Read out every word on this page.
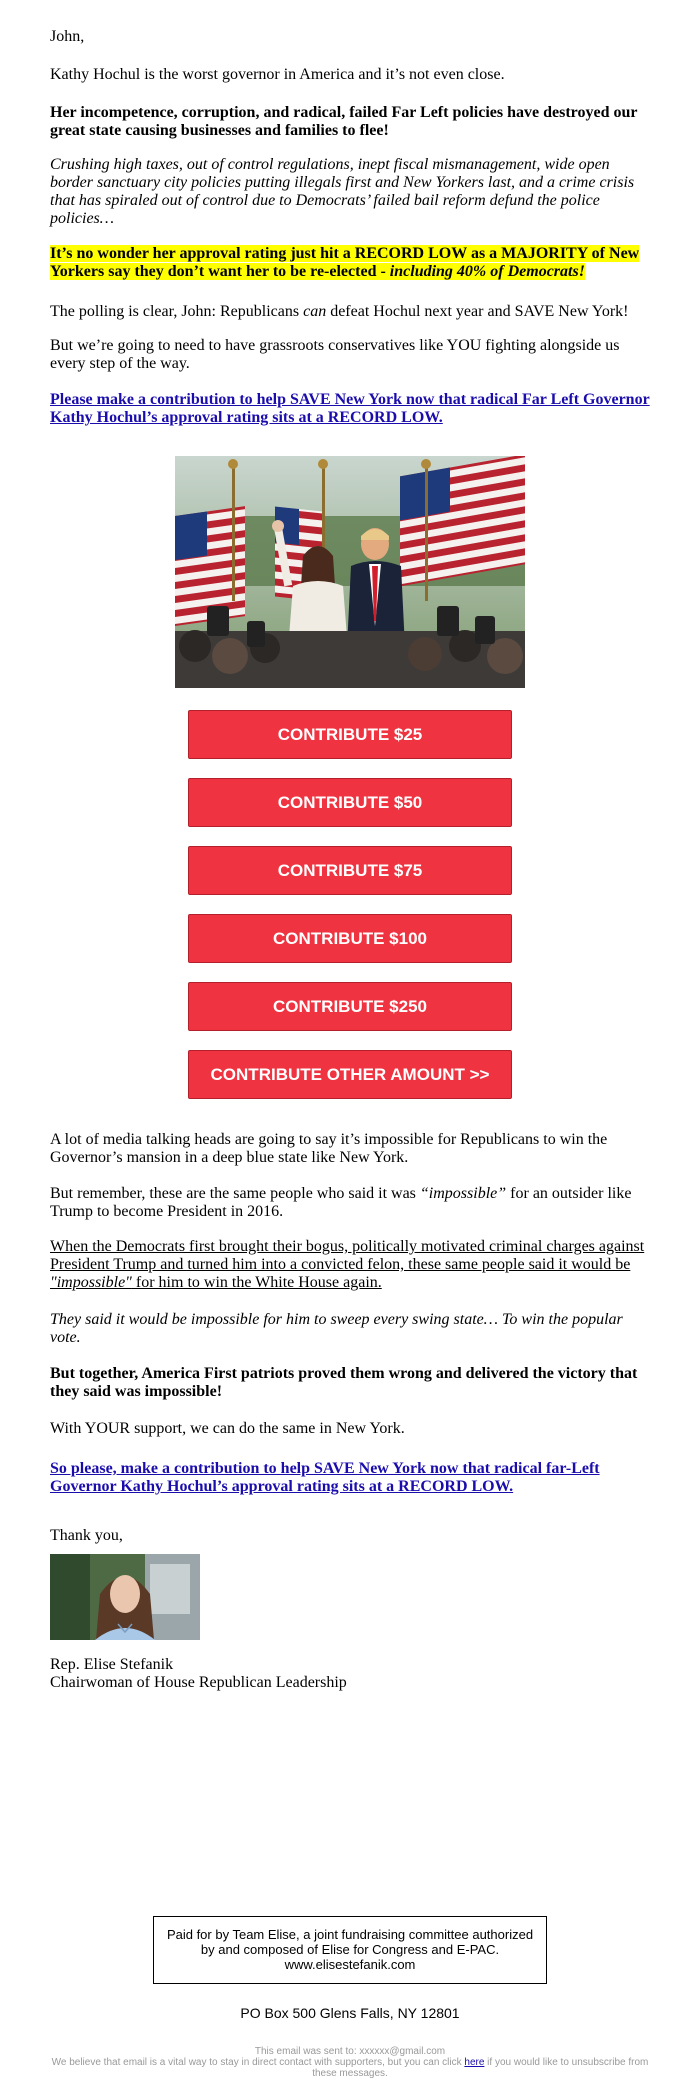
John,

Kathy Hochul is the worst governor in America and it’s not even close.

Her incompetence, corruption, and radical, failed Far Left policies have destroyed our great state causing businesses and families to flee!

Crushing high taxes, out of control regulations, inept fiscal mismanagement, wide open border sanctuary city policies putting illegals first and New Yorkers last, and a crime crisis that has spiraled out of control due to Democrats’ failed bail reform defund the police policies…

It’s no wonder her approval rating just hit a RECORD LOW as a MAJORITY of New Yorkers say they don’t want her to be re-elected - including 40% of Democrats!

The polling is clear, John: Republicans can defeat Hochul next year and SAVE New York!

But we’re going to need to have grassroots conservatives like YOU fighting alongside us every step of the way.

Please make a contribution to help SAVE New York now that radical Far Left Governor Kathy Hochul’s approval rating sits at a RECORD LOW.

CONTRIBUTE $25
CONTRIBUTE $50
CONTRIBUTE $75
CONTRIBUTE $100
CONTRIBUTE $250
CONTRIBUTE OTHER AMOUNT >>

A lot of media talking heads are going to say it’s impossible for Republicans to win the Governor’s mansion in a deep blue state like New York.

But remember, these are the same people who said it was “impossible” for an outsider like Trump to become President in 2016.

When the Democrats first brought their bogus, politically motivated criminal charges against President Trump and turned him into a convicted felon, these same people said it would be "impossible" for him to win the White House again.

They said it would be impossible for him to sweep every swing state… To win the popular vote.

But together, America First patriots proved them wrong and delivered the victory that they said was impossible!

With YOUR support, we can do the same in New York.

So please, make a contribution to help SAVE New York now that radical far-Left Governor Kathy Hochul’s approval rating sits at a RECORD LOW.

Thank you,

Rep. Elise Stefanik

Chairwoman of House Republican Leadership

Paid for by Team Elise, a joint fundraising committee authorized by and composed of Elise for Congress and E-PAC. www.elisestefanik.com
PO Box 500 Glens Falls, NY 12801
This email was sent to: xxxxxx@gmail.com
We believe that email is a vital way to stay in direct contact with supporters, but you can click here if you would like to unsubscribe from these messages.
